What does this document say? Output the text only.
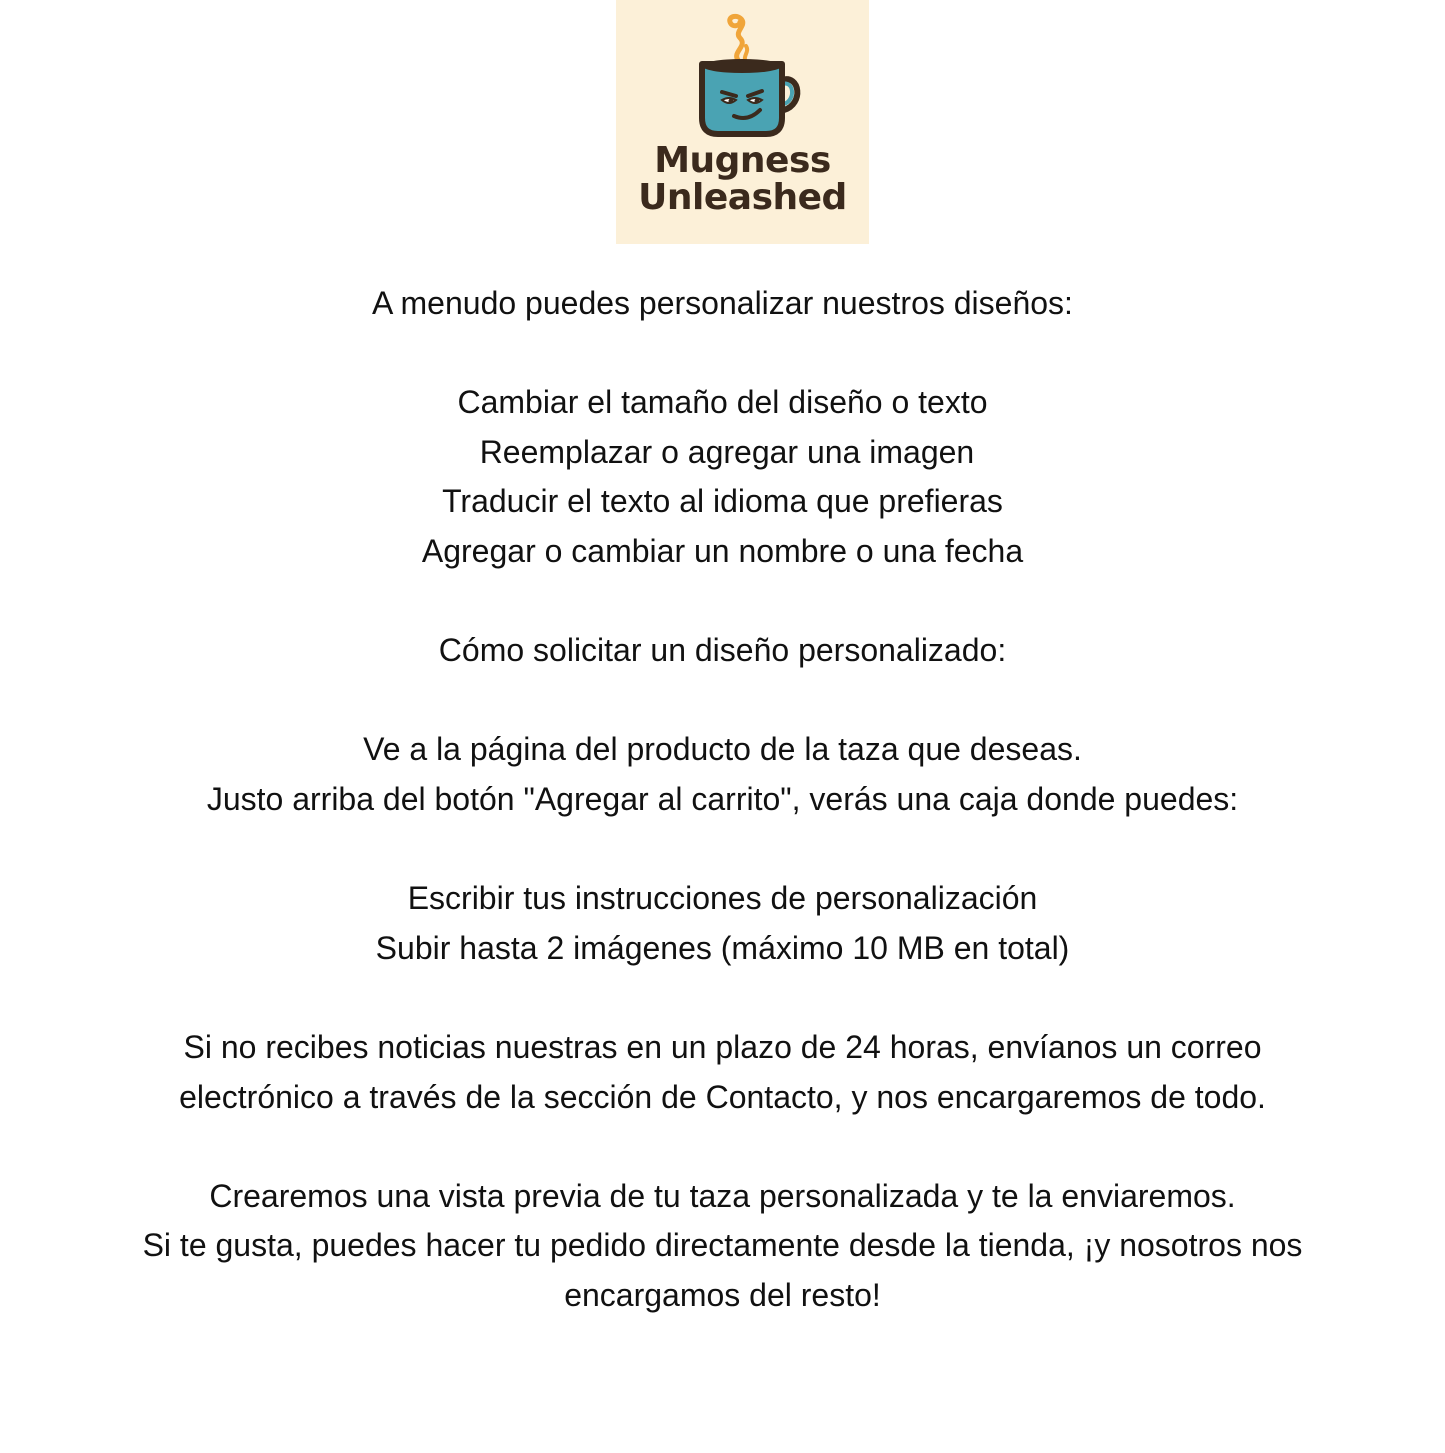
Mugness
Unleashed
A menudo puedes personalizar nuestros diseños:
Cambiar el tamaño del diseño o texto
Reemplazar o agregar una imagen
Traducir el texto al idioma que prefieras
Agregar o cambiar un nombre o una fecha
Cómo solicitar un diseño personalizado:
Ve a la página del producto de la taza que deseas.
Justo arriba del botón "Agregar al carrito", verás una caja donde puedes:
Escribir tus instrucciones de personalización
Subir hasta 2 imágenes (máximo 10 MB en total)
Si no recibes noticias nuestras en un plazo de 24 horas, envíanos un correo
electrónico a través de la sección de Contacto, y nos encargaremos de todo.
Crearemos una vista previa de tu taza personalizada y te la enviaremos.
Si te gusta, puedes hacer tu pedido directamente desde la tienda, ¡y nosotros nos
encargamos del resto!
